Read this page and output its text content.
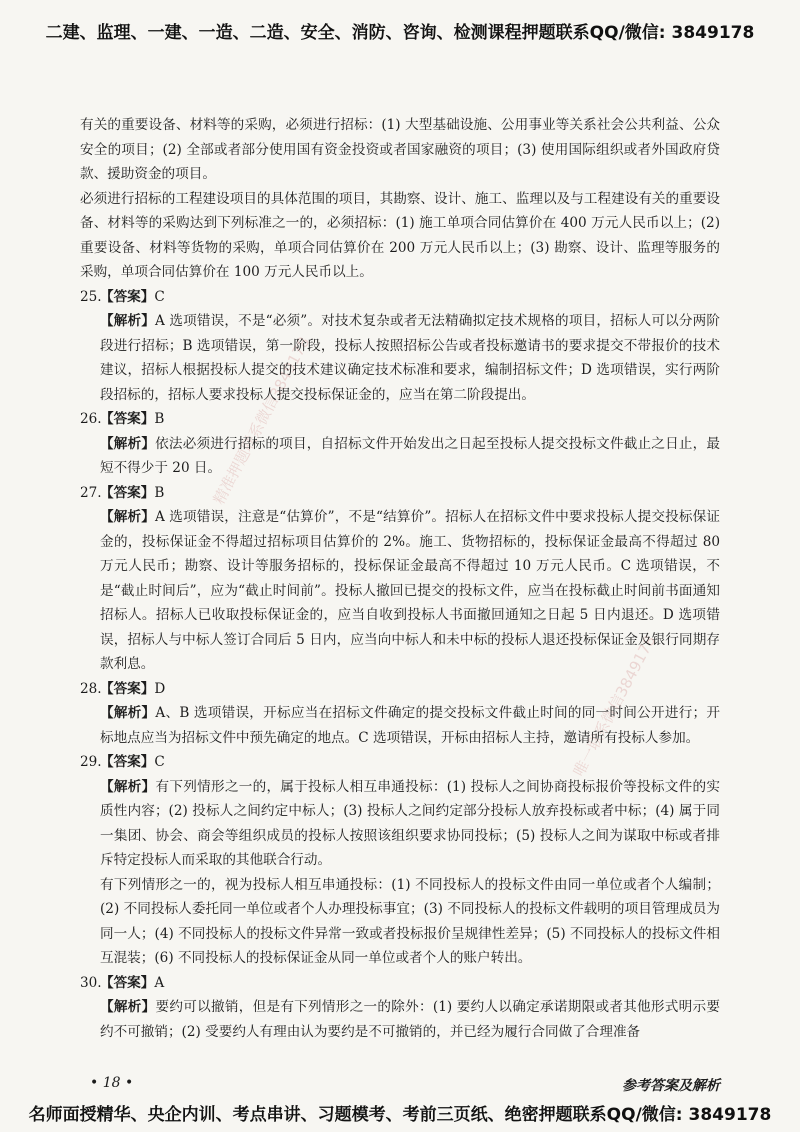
二建、监理、一建、一造、二造、安全、消防、咨询、检测课程押题联系QQ/微信: 3849178
精准押题联系微信3849178
唯一联系微信3849178

有关的重要设备、材料等的采购，必须进行招标：(1) 大型基础设施、公用事业等关系社会公共利益、公众安全的项目；(2) 全部或者部分使用国有资金投资或者国家融资的项目；(3) 使用国际组织或者外国政府贷款、援助资金的项目。

必须进行招标的工程建设项目的具体范围的项目，其勘察、设计、施工、监理以及与工程建设有关的重要设备、材料等的采购达到下列标准之一的，必须招标：(1) 施工单项合同估算价在 400 万元人民币以上；(2) 重要设备、材料等货物的采购，单项合同估算价在 200 万元人民币以上；(3) 勘察、设计、监理等服务的采购，单项合同估算价在 100 万元人民币以上。

25.【答案】C

【解析】A 选项错误，不是“必须”。对技术复杂或者无法精确拟定技术规格的项目，招标人可以分两阶段进行招标；B 选项错误，第一阶段，投标人按照招标公告或者投标邀请书的要求提交不带报价的技术建议，招标人根据投标人提交的技术建议确定技术标准和要求，编制招标文件；D 选项错误，实行两阶段招标的，招标人要求投标人提交投标保证金的，应当在第二阶段提出。

26.【答案】B

【解析】依法必须进行招标的项目，自招标文件开始发出之日起至投标人提交投标文件截止之日止，最短不得少于 20 日。

27.【答案】B

【解析】A 选项错误，注意是“估算价”，不是“结算价”。招标人在招标文件中要求投标人提交投标保证金的，投标保证金不得超过招标项目估算价的 2%。施工、货物招标的，投标保证金最高不得超过 80 万元人民币；勘察、设计等服务招标的，投标保证金最高不得超过 10 万元人民币。C 选项错误，不是“截止时间后”，应为“截止时间前”。投标人撤回已提交的投标文件，应当在投标截止时间前书面通知招标人。招标人已收取投标保证金的，应当自收到投标人书面撤回通知之日起 5 日内退还。D 选项错误，招标人与中标人签订合同后 5 日内，应当向中标人和未中标的投标人退还投标保证金及银行同期存款利息。

28.【答案】D

【解析】A、B 选项错误，开标应当在招标文件确定的提交投标文件截止时间的同一时间公开进行；开标地点应当为招标文件中预先确定的地点。C 选项错误，开标由招标人主持，邀请所有投标人参加。

29.【答案】C

【解析】有下列情形之一的，属于投标人相互串通投标：(1) 投标人之间协商投标报价等投标文件的实质性内容；(2) 投标人之间约定中标人；(3) 投标人之间约定部分投标人放弃投标或者中标；(4) 属于同一集团、协会、商会等组织成员的投标人按照该组织要求协同投标；(5) 投标人之间为谋取中标或者排斥特定投标人而采取的其他联合行动。

有下列情形之一的，视为投标人相互串通投标：(1) 不同投标人的投标文件由同一单位或者个人编制；(2) 不同投标人委托同一单位或者个人办理投标事宜；(3) 不同投标人的投标文件载明的项目管理成员为同一人；(4) 不同投标人的投标文件异常一致或者投标报价呈规律性差异；(5) 不同投标人的投标文件相互混装；(6) 不同投标人的投标保证金从同一单位或者个人的账户转出。

30.【答案】A

【解析】要约可以撤销，但是有下列情形之一的除外：(1) 要约人以确定承诺期限或者其他形式明示要约不可撤销；(2) 受要约人有理由认为要约是不可撤销的，并已经为履行合同做了合理准备

• 18 •	参考答案及解析
名师面授精华、央企内训、考点串讲、习题模考、考前三页纸、绝密押题联系QQ/微信: 3849178
